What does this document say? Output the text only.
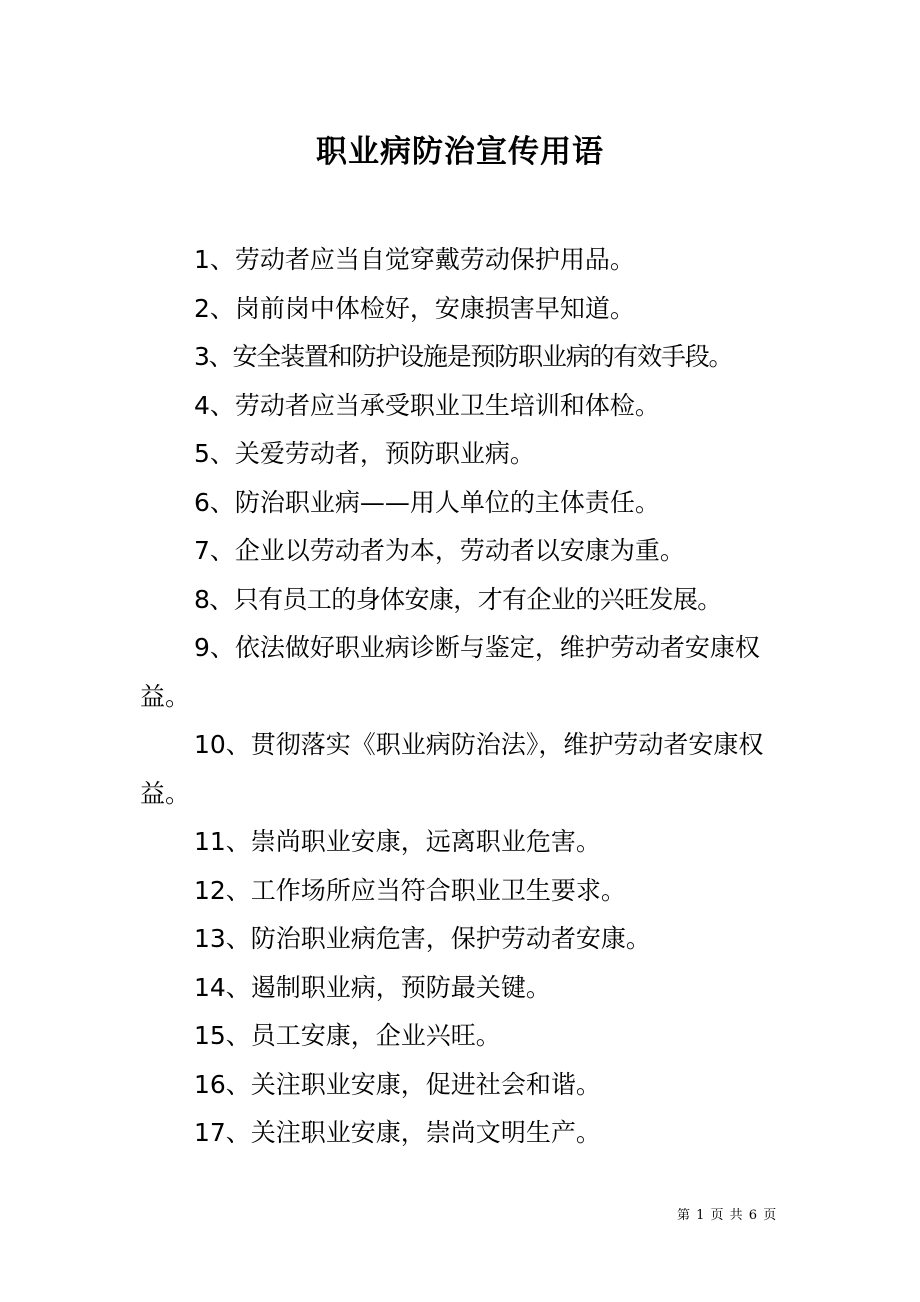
职业病防治宣传用语

1、劳动者应当自觉穿戴劳动保护用品。

2、岗前岗中体检好，安康损害早知道。

3、安全装置和防护设施是预防职业病的有效手段。

4、劳动者应当承受职业卫生培训和体检。

5、关爱劳动者，预防职业病。

6、防治职业病——用人单位的主体责任。

7、企业以劳动者为本，劳动者以安康为重。

8、只有员工的身体安康，才有企业的兴旺发展。

9、依法做好职业病诊断与鉴定，维护劳动者安康权益。

10、贯彻落实《职业病防治法》，维护劳动者安康权益。

11、崇尚职业安康，远离职业危害。

12、工作场所应当符合职业卫生要求。

13、防治职业病危害，保护劳动者安康。

14、遏制职业病，预防最关键。

15、员工安康，企业兴旺。

16、关注职业安康，促进社会和谐。

17、关注职业安康，崇尚文明生产。

第 1 页 共 6 页
